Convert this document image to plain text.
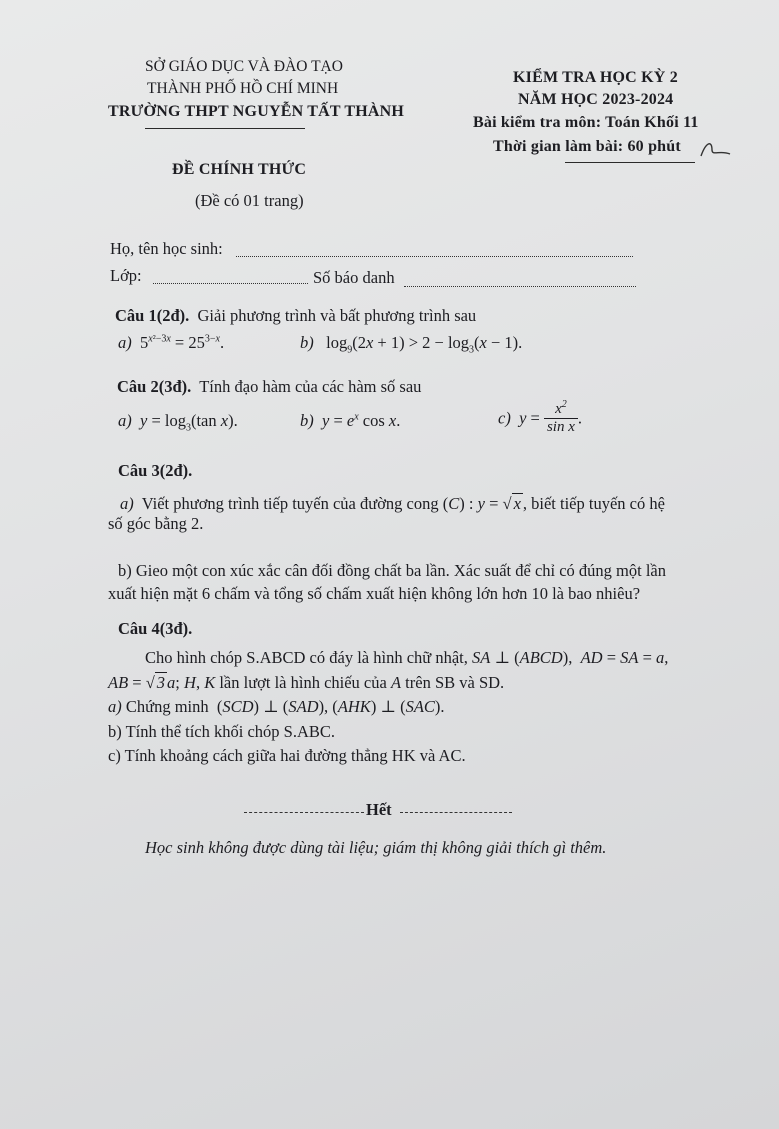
SỞ GIÁO DỤC VÀ ĐÀO TẠO
THÀNH PHỐ HỒ CHÍ MINH
TRƯỜNG THPT NGUYỄN TẤT THÀNH
KIỂM TRA HỌC KỲ 2
NĂM HỌC 2023-2024
Bài kiểm tra môn: Toán Khối 11
Thời gian làm bài: 60 phút
ĐỀ CHÍNH THỨC
(Đề có 01 trang)
Họ, tên học sinh:
Lớp:	Số báo danh
Câu 1(2đ). Giải phương trình và bất phương trình sau
a)  $5^{x^2-3x} = 25^{3-x}$.	b)   $\log_9(2x + 1) > 2 - \log_3(x - 1)$.
Câu 2(3đ). Tính đạo hàm của các hàm số sau
a) $y = \log_3(\tan$ x).	b) $y = e^x$ cos x.	c) $y = \frac{x^2}{\text{sin x}}$ .
Câu 3(2đ).
a) Viết phương trình tiếp tuyến của đường cong (C) : y = √ x , biết tiếp tuyến có hệ
số góc bằng 2.
b) Gieo một con xúc xắc cân đối đồng chất ba lần. Xác suất để chỉ có đúng một lần
xuất hiện mặt 6 chấm và tổng số chấm xuất hiện không lớn hơn 10 là bao nhiêu?
Câu 4(3đ).
Cho hình chóp S.ABCD có đáy là hình chữ nhật, SA ⊥ (ABCD),  AD = SA = a,
AB = √ 3 a; H, K lần lượt là hình chiếu của A trên SB và SD.
a) Chứng minh  (SCD) ⊥ (SAD), (AHK) ⊥ (SAC).
b) Tính thể tích khối chóp S.ABC.
c) Tính khoảng cách giữa hai đường thẳng HK và AC.
Hết
Học sinh không được dùng tài liệu; giám thị không giải thích gì thêm.
